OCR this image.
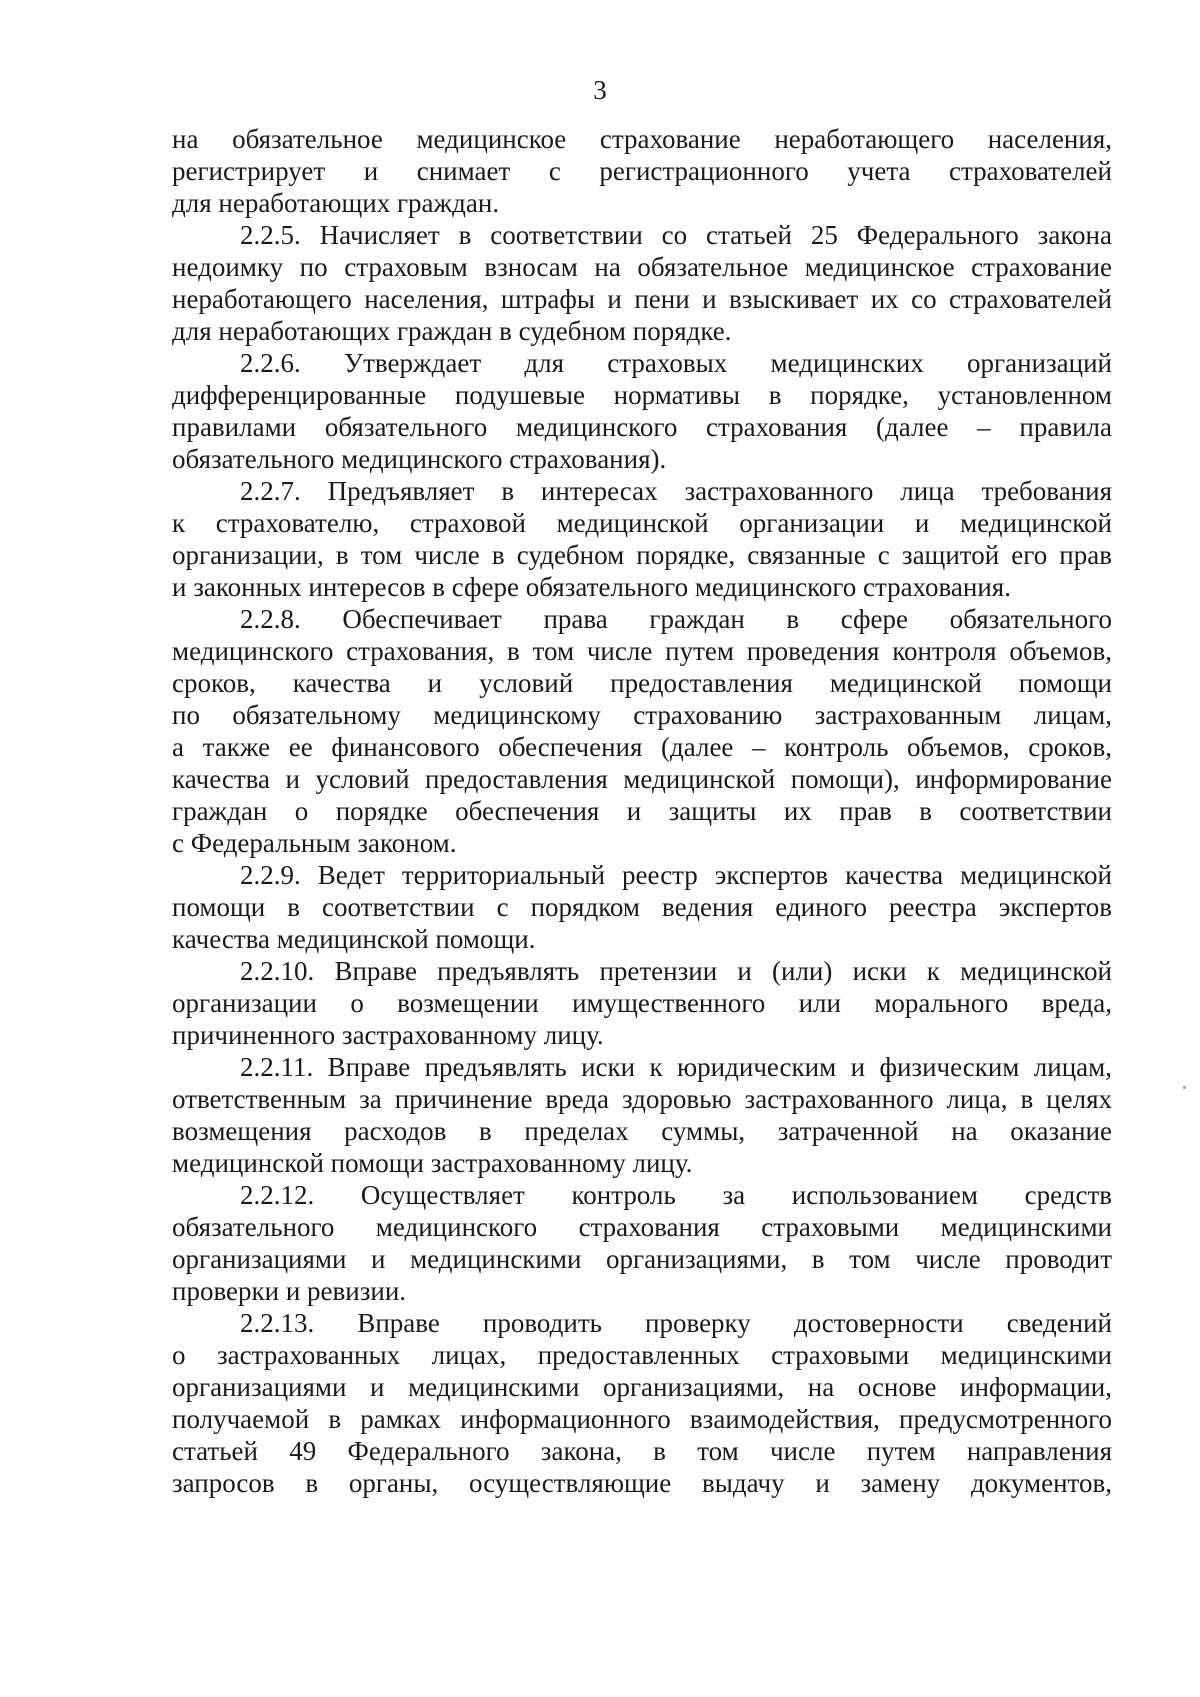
3
на обязательное медицинское страхование неработающего населения,
регистрирует и снимает с регистрационного учета страхователей
для неработающих граждан.
2.2.5. Начисляет в соответствии со статьей 25 Федерального закона
недоимку по страховым взносам на обязательное медицинское страхование
неработающего населения, штрафы и пени и взыскивает их со страхователей
для неработающих граждан в судебном порядке.
2.2.6. Утверждает для страховых медицинских организаций
дифференцированные подушевые нормативы в порядке, установленном
правилами обязательного медицинского страхования (далее – правила
обязательного медицинского страхования).
2.2.7. Предъявляет в интересах застрахованного лица требования
к страхователю, страховой медицинской организации и медицинской
организации, в том числе в судебном порядке, связанные с защитой его прав
и законных интересов в сфере обязательного медицинского страхования.
2.2.8. Обеспечивает права граждан в сфере обязательного
медицинского страхования, в том числе путем проведения контроля объемов,
сроков, качества и условий предоставления медицинской помощи
по обязательному медицинскому страхованию застрахованным лицам,
а также ее финансового обеспечения (далее – контроль объемов, сроков,
качества и условий предоставления медицинской помощи), информирование
граждан о порядке обеспечения и защиты их прав в соответствии
с Федеральным законом.
2.2.9. Ведет территориальный реестр экспертов качества медицинской
помощи в соответствии с порядком ведения единого реестра экспертов
качества медицинской помощи.
2.2.10. Вправе предъявлять претензии и (или) иски к медицинской
организации о возмещении имущественного или морального вреда,
причиненного застрахованному лицу.
2.2.11. Вправе предъявлять иски к юридическим и физическим лицам,
ответственным за причинение вреда здоровью застрахованного лица, в целях
возмещения расходов в пределах суммы, затраченной на оказание
медицинской помощи застрахованному лицу.
2.2.12. Осуществляет контроль за использованием средств
обязательного медицинского страхования страховыми медицинскими
организациями и медицинскими организациями, в том числе проводит
проверки и ревизии.
2.2.13. Вправе проводить проверку достоверности сведений
о застрахованных лицах, предоставленных страховыми медицинскими
организациями и медицинскими организациями, на основе информации,
получаемой в рамках информационного взаимодействия, предусмотренного
статьей 49 Федерального закона, в том числе путем направления
запросов в органы, осуществляющие выдачу и замену документов,
